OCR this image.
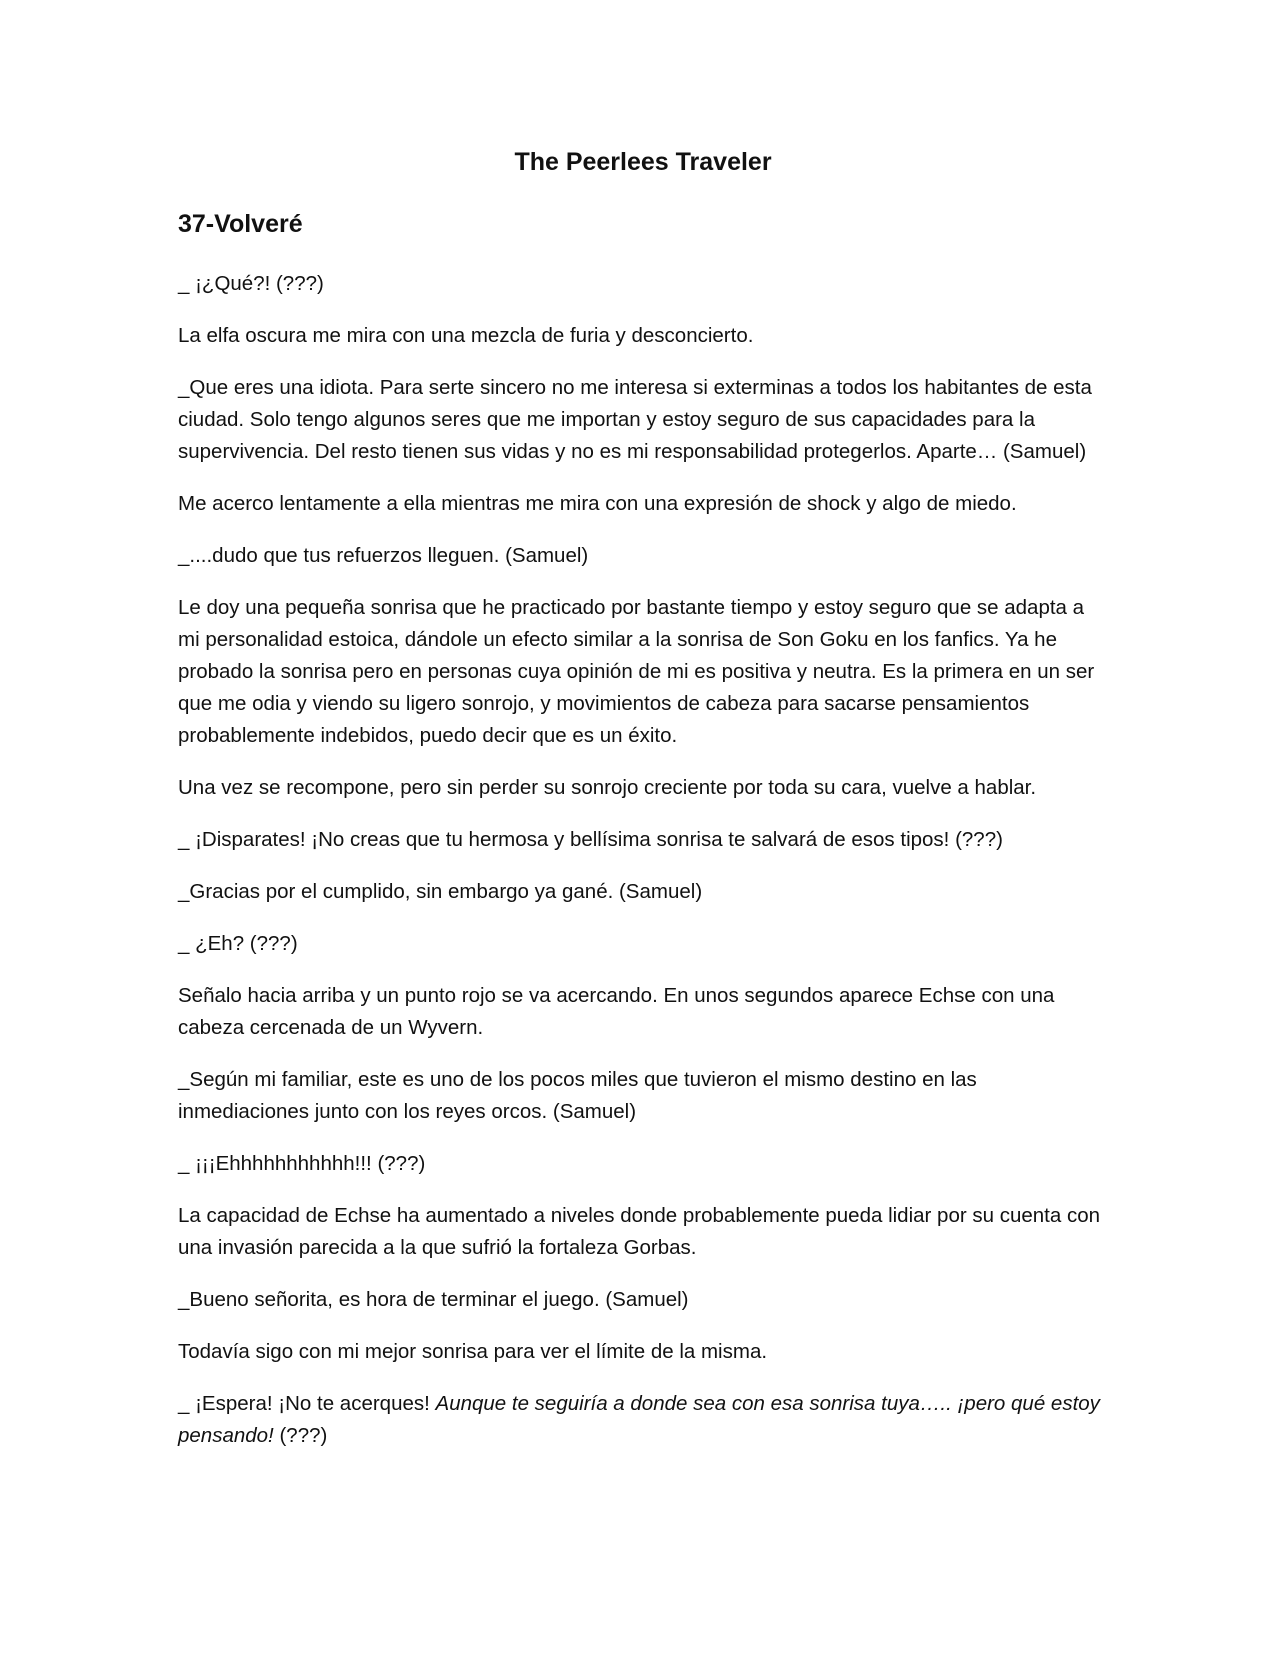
The Peerlees Traveler
37-Volveré

_ ¡¿Qué?! (???)

La elfa oscura me mira con una mezcla de furia y desconcierto.

_Que eres una idiota. Para serte sincero no me interesa si exterminas a todos los habitantes de esta ciudad. Solo tengo algunos seres que me importan y estoy seguro de sus capacidades para la supervivencia. Del resto tienen sus vidas y no es mi responsabilidad protegerlos. Aparte… (Samuel)

Me acerco lentamente a ella mientras me mira con una expresión de shock y algo de miedo.

_....dudo que tus refuerzos lleguen. (Samuel)

Le doy una pequeña sonrisa que he practicado por bastante tiempo y estoy seguro que se adapta a mi personalidad estoica, dándole un efecto similar a la sonrisa de Son Goku en los fanfics. Ya he probado la sonrisa pero en personas cuya opinión de mi es positiva y neutra. Es la primera en un ser que me odia y viendo su ligero sonrojo, y movimientos de cabeza para sacarse pensamientos probablemente indebidos, puedo decir que es un éxito.

Una vez se recompone, pero sin perder su sonrojo creciente por toda su cara, vuelve a hablar.

_ ¡Disparates! ¡No creas que tu hermosa y bellísima sonrisa te salvará de esos tipos! (???)

_Gracias por el cumplido, sin embargo ya gané. (Samuel)

_ ¿Eh? (???)

Señalo hacia arriba y un punto rojo se va acercando. En unos segundos aparece Echse con una cabeza cercenada de un Wyvern.

_Según mi familiar, este es uno de los pocos miles que tuvieron el mismo destino en las inmediaciones junto con los reyes orcos. (Samuel)

_ ¡¡¡Ehhhhhhhhhhh!!! (???)

La capacidad de Echse ha aumentado a niveles donde probablemente pueda lidiar por su cuenta con una invasión parecida a la que sufrió la fortaleza Gorbas.

_Bueno señorita, es hora de terminar el juego. (Samuel)

Todavía sigo con mi mejor sonrisa para ver el límite de la misma.

_ ¡Espera! ¡No te acerques! Aunque te seguiría a donde sea con esa sonrisa tuya….. ¡pero qué estoy pensando! (???)
